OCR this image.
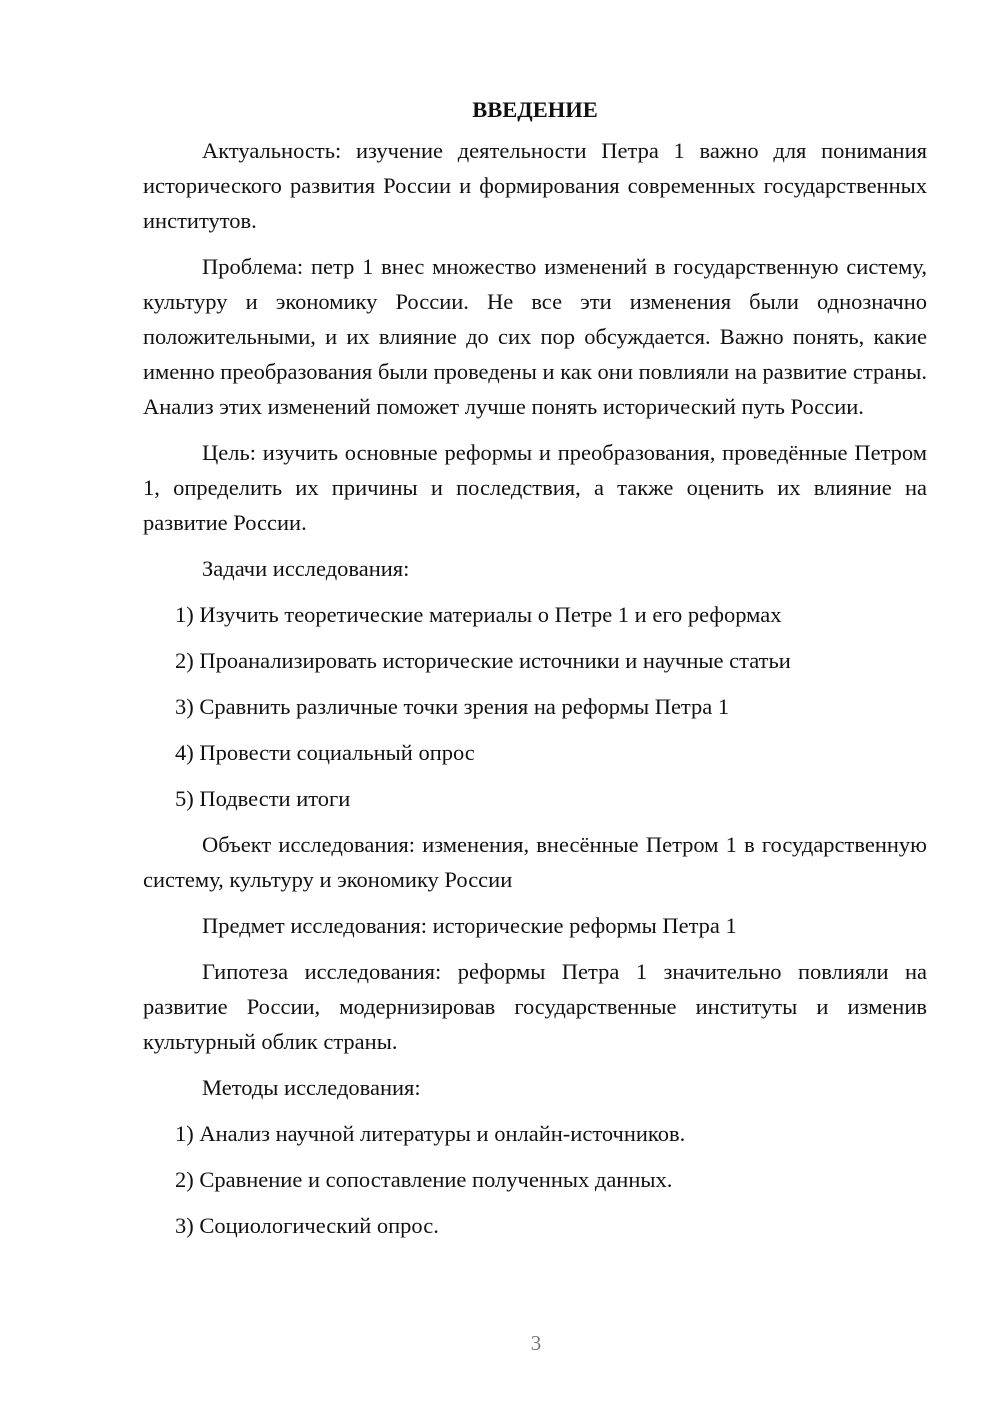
ВВЕДЕНИЕ

Актуальность: изучение деятельности Петра 1 важно для понимания исторического развития России и формирования современных государственных институтов.

Проблема: петр 1 внес множество изменений в государственную систему, культуру и экономику России. Не все эти изменения были однозначно положительными, и их влияние до сих пор обсуждается. Важно понять, какие именно преобразования были проведены и как они повлияли на развитие страны. Анализ этих изменений поможет лучше понять исторический путь России.

Цель: изучить основные реформы и преобразования, проведённые Петром 1, определить их причины и последствия, а также оценить их влияние на развитие России.

Задачи исследования:

1) Изучить теоретические материалы о Петре 1 и его реформах
2) Проанализировать исторические источники и научные статьи
3) Сравнить различные точки зрения на реформы Петра 1
4) Провести социальный опрос
5) Подвести итоги

Объект исследования: изменения, внесённые Петром 1 в государственную систему, культуру и экономику России

Предмет исследования: исторические реформы Петра 1

Гипотеза исследования: реформы Петра 1 значительно повлияли на развитие России, модернизировав государственные институты и изменив культурный облик страны.

Методы исследования:

1) Анализ научной литературы и онлайн-источников.
2) Сравнение и сопоставление полученных данных.
3) Социологический опрос.
3
